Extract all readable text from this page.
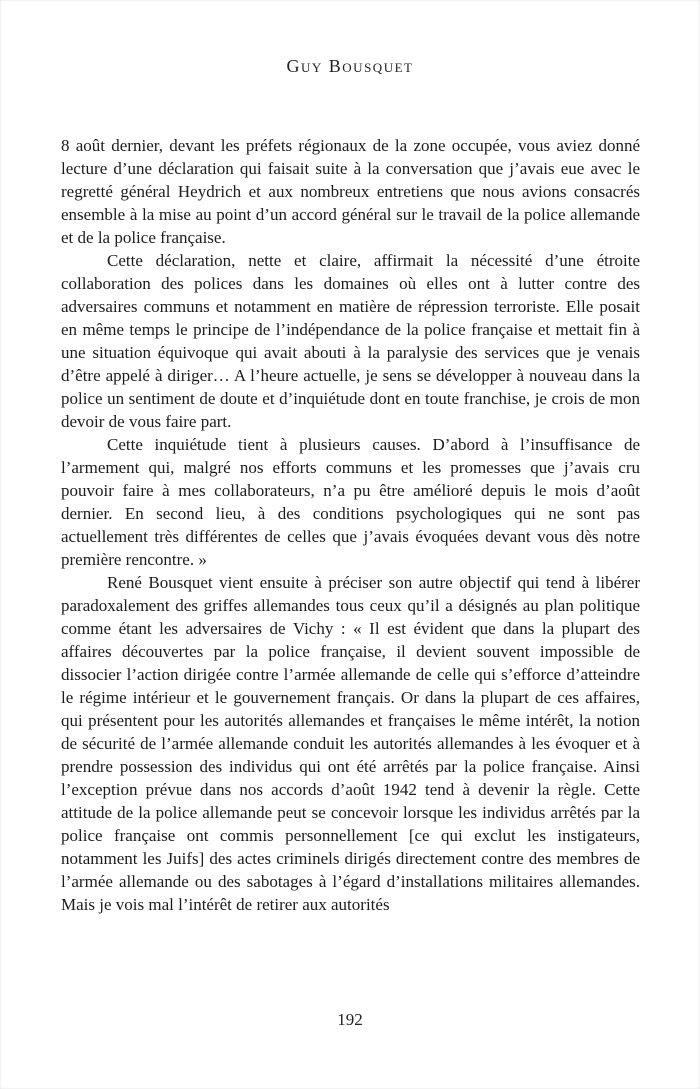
Guy Bousquet

8 août dernier, devant les préfets régionaux de la zone occupée, vous aviez donné lecture d’une déclaration qui faisait suite à la conversation que j’avais eue avec le regretté général Heydrich et aux nombreux entretiens que nous avions consacrés ensemble à la mise au point d’un accord général sur le travail de la police allemande et de la police française.

Cette déclaration, nette et claire, affirmait la nécessité d’une étroite collaboration des polices dans les domaines où elles ont à lutter contre des adversaires communs et notamment en matière de répression terroriste. Elle posait en même temps le principe de l’indépendance de la police française et mettait fin à une situation équivoque qui avait abouti à la paralysie des services que je venais d’être appelé à diriger… A l’heure actuelle, je sens se développer à nouveau dans la police un sentiment de doute et d’inquiétude dont en toute franchise, je crois de mon devoir de vous faire part.

Cette inquiétude tient à plusieurs causes. D’abord à l’insuffisance de l’armement qui, malgré nos efforts communs et les promesses que j’avais cru pouvoir faire à mes collaborateurs, n’a pu être amélioré depuis le mois d’août dernier. En second lieu, à des conditions psychologiques qui ne sont pas actuellement très différentes de celles que j’avais évoquées devant vous dès notre première rencontre. »

René Bousquet vient ensuite à préciser son autre objectif qui tend à libérer paradoxalement des griffes allemandes tous ceux qu’il a désignés au plan politique comme étant les adversaires de Vichy : « Il est évident que dans la plupart des affaires découvertes par la police française, il devient souvent impossible de dissocier l’action dirigée contre l’armée allemande de celle qui s’efforce d’atteindre le régime intérieur et le gouvernement français. Or dans la plupart de ces affaires, qui présentent pour les autorités allemandes et françaises le même intérêt, la notion de sécurité de l’armée allemande conduit les autorités allemandes à les évoquer et à prendre possession des individus qui ont été arrêtés par la police française. Ainsi l’exception prévue dans nos accords d’août 1942 tend à devenir la règle. Cette attitude de la police allemande peut se concevoir lorsque les individus arrêtés par la police française ont commis personnellement [ce qui exclut les instigateurs, notamment les Juifs] des actes criminels dirigés directement contre des membres de l’armée allemande ou des sabotages à l’égard d’installations militaires allemandes. Mais je vois mal l’intérêt de retirer aux autorités

192
